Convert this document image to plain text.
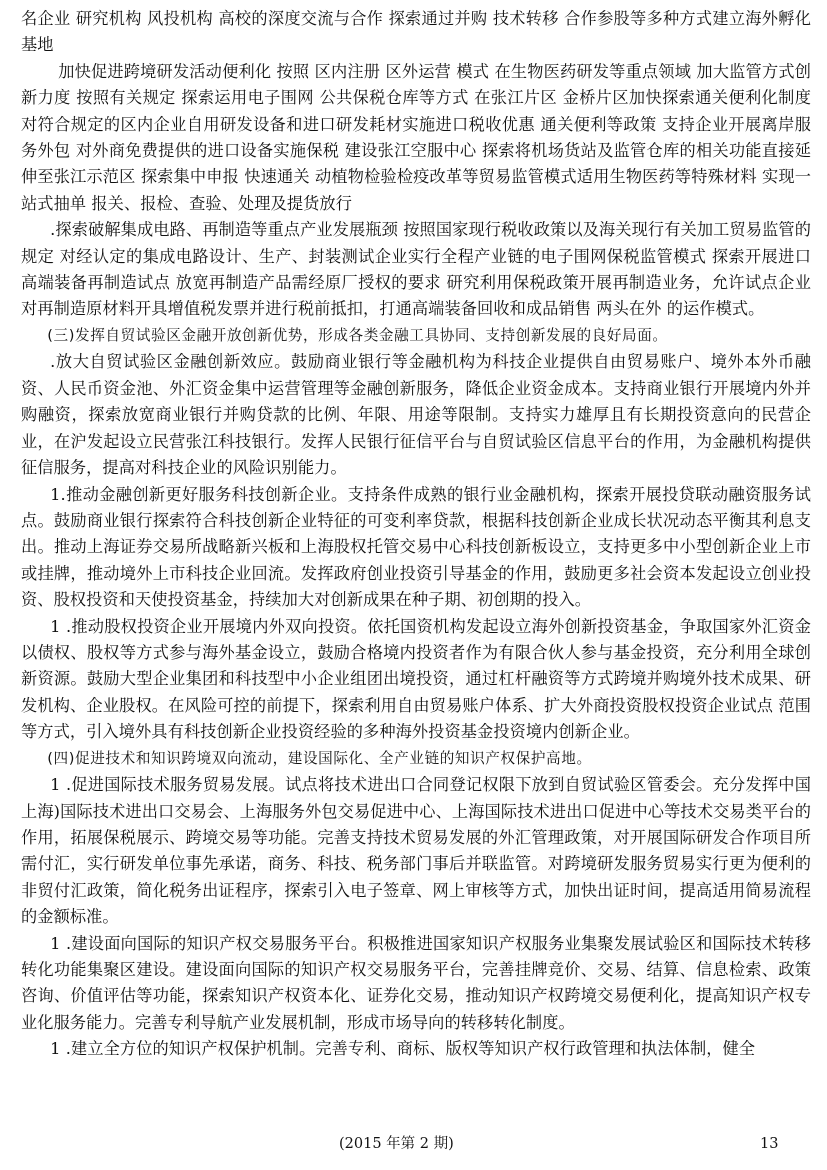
名企业 研究机构 风投机构 高校的深度交流与合作 探索通过并购 技术转移 合作参股等多种方式建立海外孵化基地

加快促进跨境研发活动便利化 按照 区内注册 区外运营 模式 在生物医药研发等重点领域 加大监管方式创新力度 按照有关规定 探索运用电子围网 公共保税仓库等方式 在张江片区 金桥片区加快探索通关便利化制度 对符合规定的区内企业自用研发设备和进口研发耗材实施进口税收优惠 通关便利等政策 支持企业开展离岸服务外包 对外商免费提供的进口设备实施保税 建设张江空服中心 探索将机场货站及监管仓库的相关功能直接延伸至张江示范区 探索集中申报 快速通关 动植物检验检疫改革等贸易监管模式适用生物医药等特殊材料 实现一站式抽单 报关、报检、查验、处理及提货放行

.探索破解集成电路、再制造等重点产业发展瓶颈 按照国家现行税收政策以及海关现行有关加工贸易监管的规定 对经认定的集成电路设计、生产、封装测试企业实行全程产业链的电子围网保税监管模式 探索开展进口高端装备再制造试点 放宽再制造产品需经原厂授权的要求 研究利用保税政策开展再制造业务，允许试点企业对再制造原材料开具增值税发票并进行税前抵扣，打通高端装备回收和成品销售 两头在外 的运作模式。

(三)发挥自贸试验区金融开放创新优势，形成各类金融工具协同、支持创新发展的良好局面。

.放大自贸试验区金融创新效应。鼓励商业银行等金融机构为科技企业提供自由贸易账户、境外本外币融资、人民币资金池、外汇资金集中运营管理等金融创新服务，降低企业资金成本。支持商业银行开展境内外并购融资，探索放宽商业银行并购贷款的比例、年限、用途等限制。支持实力雄厚且有长期投资意向的民营企业，在沪发起设立民营张江科技银行。发挥人民银行征信平台与自贸试验区信息平台的作用，为金融机构提供征信服务，提高对科技企业的风险识别能力。

1.推动金融创新更好服务科技创新企业。支持条件成熟的银行业金融机构，探索开展投贷联动融资服务试点。鼓励商业银行探索符合科技创新企业特征的可变利率贷款，根据科技创新企业成长状况动态平衡其利息支出。推动上海证券交易所战略新兴板和上海股权托管交易中心科技创新板设立，支持更多中小型创新企业上市或挂牌，推动境外上市科技企业回流。发挥政府创业投资引导基金的作用，鼓励更多社会资本发起设立创业投资、股权投资和天使投资基金，持续加大对创新成果在种子期、初创期的投入。

1 .推动股权投资企业开展境内外双向投资。依托国资机构发起设立海外创新投资基金，争取国家外汇资金以债权、股权等方式参与海外基金设立，鼓励合格境内投资者作为有限合伙人参与基金投资，充分利用全球创新资源。鼓励大型企业集团和科技型中小企业组团出境投资，通过杠杆融资等方式跨境并购境外技术成果、研发机构、企业股权。在风险可控的前提下，探索利用自由贸易账户体系、扩大外商投资股权投资企业试点 范围等方式，引入境外具有科技创新企业投资经验的多种海外投资基金投资境内创新企业。

(四)促进技术和知识跨境双向流动，建设国际化、全产业链的知识产权保护高地。

1 .促进国际技术服务贸易发展。试点将技术进出口合同登记权限下放到自贸试验区管委会。充分发挥中国 上海)国际技术进出口交易会、上海服务外包交易促进中心、上海国际技术进出口促进中心等技术交易类平台的作用，拓展保税展示、跨境交易等功能。完善支持技术贸易发展的外汇管理政策，对开展国际研发合作项目所需付汇，实行研发单位事先承诺，商务、科技、税务部门事后并联监管。对跨境研发服务贸易实行更为便利的非贸付汇政策，简化税务出证程序，探索引入电子签章、网上审核等方式，加快出证时间，提高适用简易流程的金额标准。

1 .建设面向国际的知识产权交易服务平台。积极推进国家知识产权服务业集聚发展试验区和国际技术转移转化功能集聚区建设。建设面向国际的知识产权交易服务平台，完善挂牌竞价、交易、结算、信息检索、政策咨询、价值评估等功能，探索知识产权资本化、证券化交易，推动知识产权跨境交易便利化，提高知识产权专业化服务能力。完善专利导航产业发展机制，形成市场导向的转移转化制度。

1 .建立全方位的知识产权保护机制。完善专利、商标、版权等知识产权行政管理和执法体制，健全

(2015 年第 2 期)	13
